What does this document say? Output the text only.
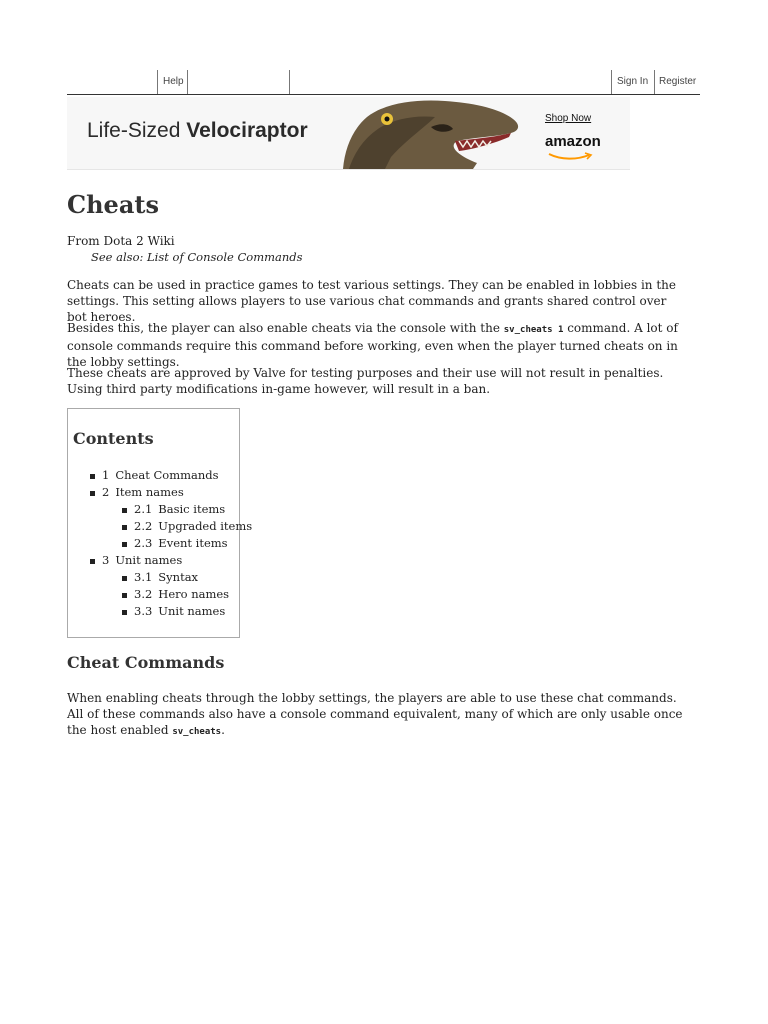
Help	Sign In Register
Life-Sized Velociraptor
Shop Now
amazon
Cheats
From Dota 2 Wiki
See also: List of Console Commands

Cheats can be used in practice games to test various settings. They can be enabled in lobbies in the settings. This setting allows players to use various chat commands and grants shared control over bot heroes.

Besides this, the player can also enable cheats via the console with the sv_cheats 1 command. A lot of console commands require this command before working, even when the player turned cheats on in the lobby settings.

These cheats are approved by Valve for testing purposes and their use will not result in penalties. Using third party modifications in-game however, will result in a ban.

Contents
1 Cheat Commands
2 Item names
2.1 Basic items
2.2 Upgraded items
2.3 Event items
3 Unit names
3.1 Syntax
3.2 Hero names
3.3 Unit names
Cheat Commands

When enabling cheats through the lobby settings, the players are able to use these chat commands. All of these commands also have a console command equivalent, many of which are only usable once the host enabled sv_cheats.
